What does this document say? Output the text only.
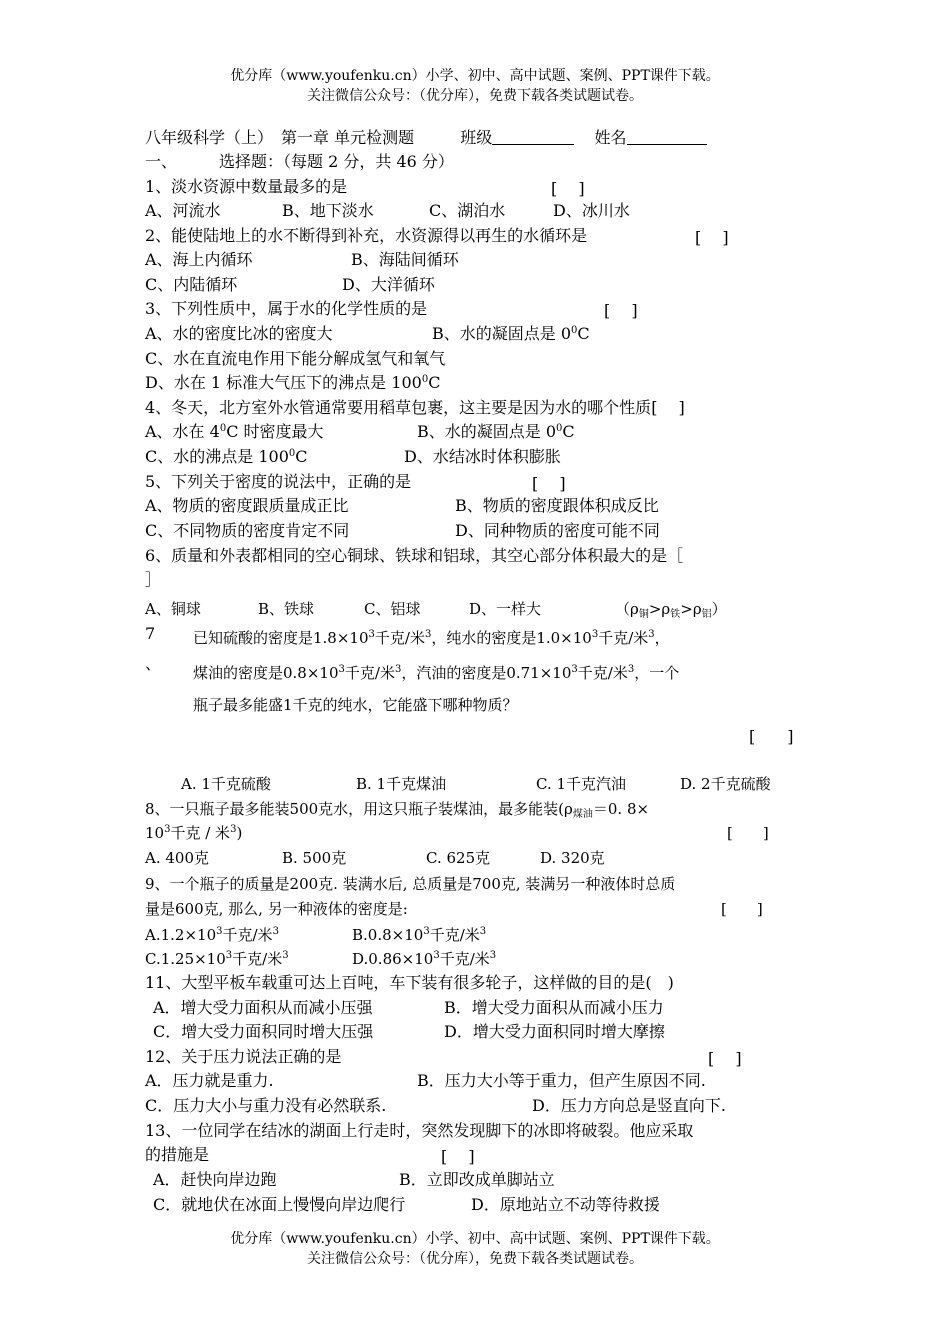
优分库（www.youfenku.cn）小学、初中、高中试题、案例、PPT课件下载。
关注微信公众号：（优分库），免费下载各类试题试卷。
八年级科学（上）　第一章 单元检测题	班级	姓名
一、	选择题：（每题 2 分，共 46 分）
1、淡水资源中数量最多的是	[　 ]
A、河流水	B、地下淡水	C、湖泊水	D、冰川水
2、能使陆地上的水不断得到补充，水资源得以再生的水循环是	[　 ]
A、海上内循环	B、海陆间循环
C、内陆循环	D、大洋循环
3、下列性质中，属于水的化学性质的是	[　 ]
A、水的密度比冰的密度大	B、水的凝固点是 $0^0C$
C、水在直流电作用下能分解成氢气和氧气
D、水在 1 标准大气压下的沸点是 $100^0C$
4、冬天，北方室外水管通常要用稻草包裹，这主要是因为水的哪个性质[　 ]
A、水在 $4^0C$ 时密度最大	B、水的凝固点是 $0^0C$
C、水的沸点是 $100^0C$	D、水结冰时体积膨胀
5、下列关于密度的说法中，正确的是	[　 ]
A、物质的密度跟质量成正比	B、物质的密度跟体积成反比
C、不同物质的密度肯定不同	D、同种物质的密度可能不同
6、质量和外表都相同的空心铜球、铁球和铝球，其空心部分体积最大的是［
］
A、铜球	B、铁球	C、铝球	D、一样大	$(\rho_铜>\rho_铁>\rho_铝)$
7
、
已知硫酸的密度是$1.8\times 10^3$千克/米$^3$，纯水的密度是$1.0\times 10^3$千克/米$^3$，
煤油的密度是$0.8\times 10^3$千克/米$^3$，汽油的密度是$0.71\times 10^3$千克/米$^3$，一个
瓶子最多能盛1千克的纯水，它能盛下哪种物质？
[　　]
A. 1千克硫酸	B. 1千克煤油	C. 1千克汽油	D. 2千克硫酸
8、一只瓶子最多能装500克水，用这只瓶子装煤油，最多能装($\rho_{煤油}=0$. 8×
$10^3$千克 / 米$^3$)	[　　]
A. 400克	B. 500克	C. 625克	D. 320克
9、一个瓶子的质量是200克. 装满水后, 总质量是700克, 装满另一种液体时总质
量是600克, 那么, 另一种液体的密度是:	[　　]
$A.1.2\times 10^3$千克/米$^3$	$B.0.8\times 10^3$千克/米$^3$
$C.1.25\times 10^3$千克/米$^3$	$D.0.86\times 10^3$千克/米$^3$
11、大型平板车载重可达上百吨，车下装有很多轮子，这样做的目的是(　)
A．增大受力面积从而减小压强	B．增大受力面积从而减小压力
C．增大受力面积同时增大压强	D．增大受力面积同时增大摩擦
12、关于压力说法正确的是	[　 ]
A．压力就是重力.	B．压力大小等于重力，但产生原因不同.
C．压力大小与重力没有必然联系.	D．压力方向总是竖直向下.
13、一位同学在结冰的湖面上行走时，突然发现脚下的冰即将破裂。他应采取
的措施是	[　 ]
A．赶快向岸边跑	B．立即改成单脚站立
C．就地伏在冰面上慢慢向岸边爬行	D．原地站立不动等待救援
优分库（www.youfenku.cn）小学、初中、高中试题、案例、PPT课件下载。
关注微信公众号：（优分库），免费下载各类试题试卷。
